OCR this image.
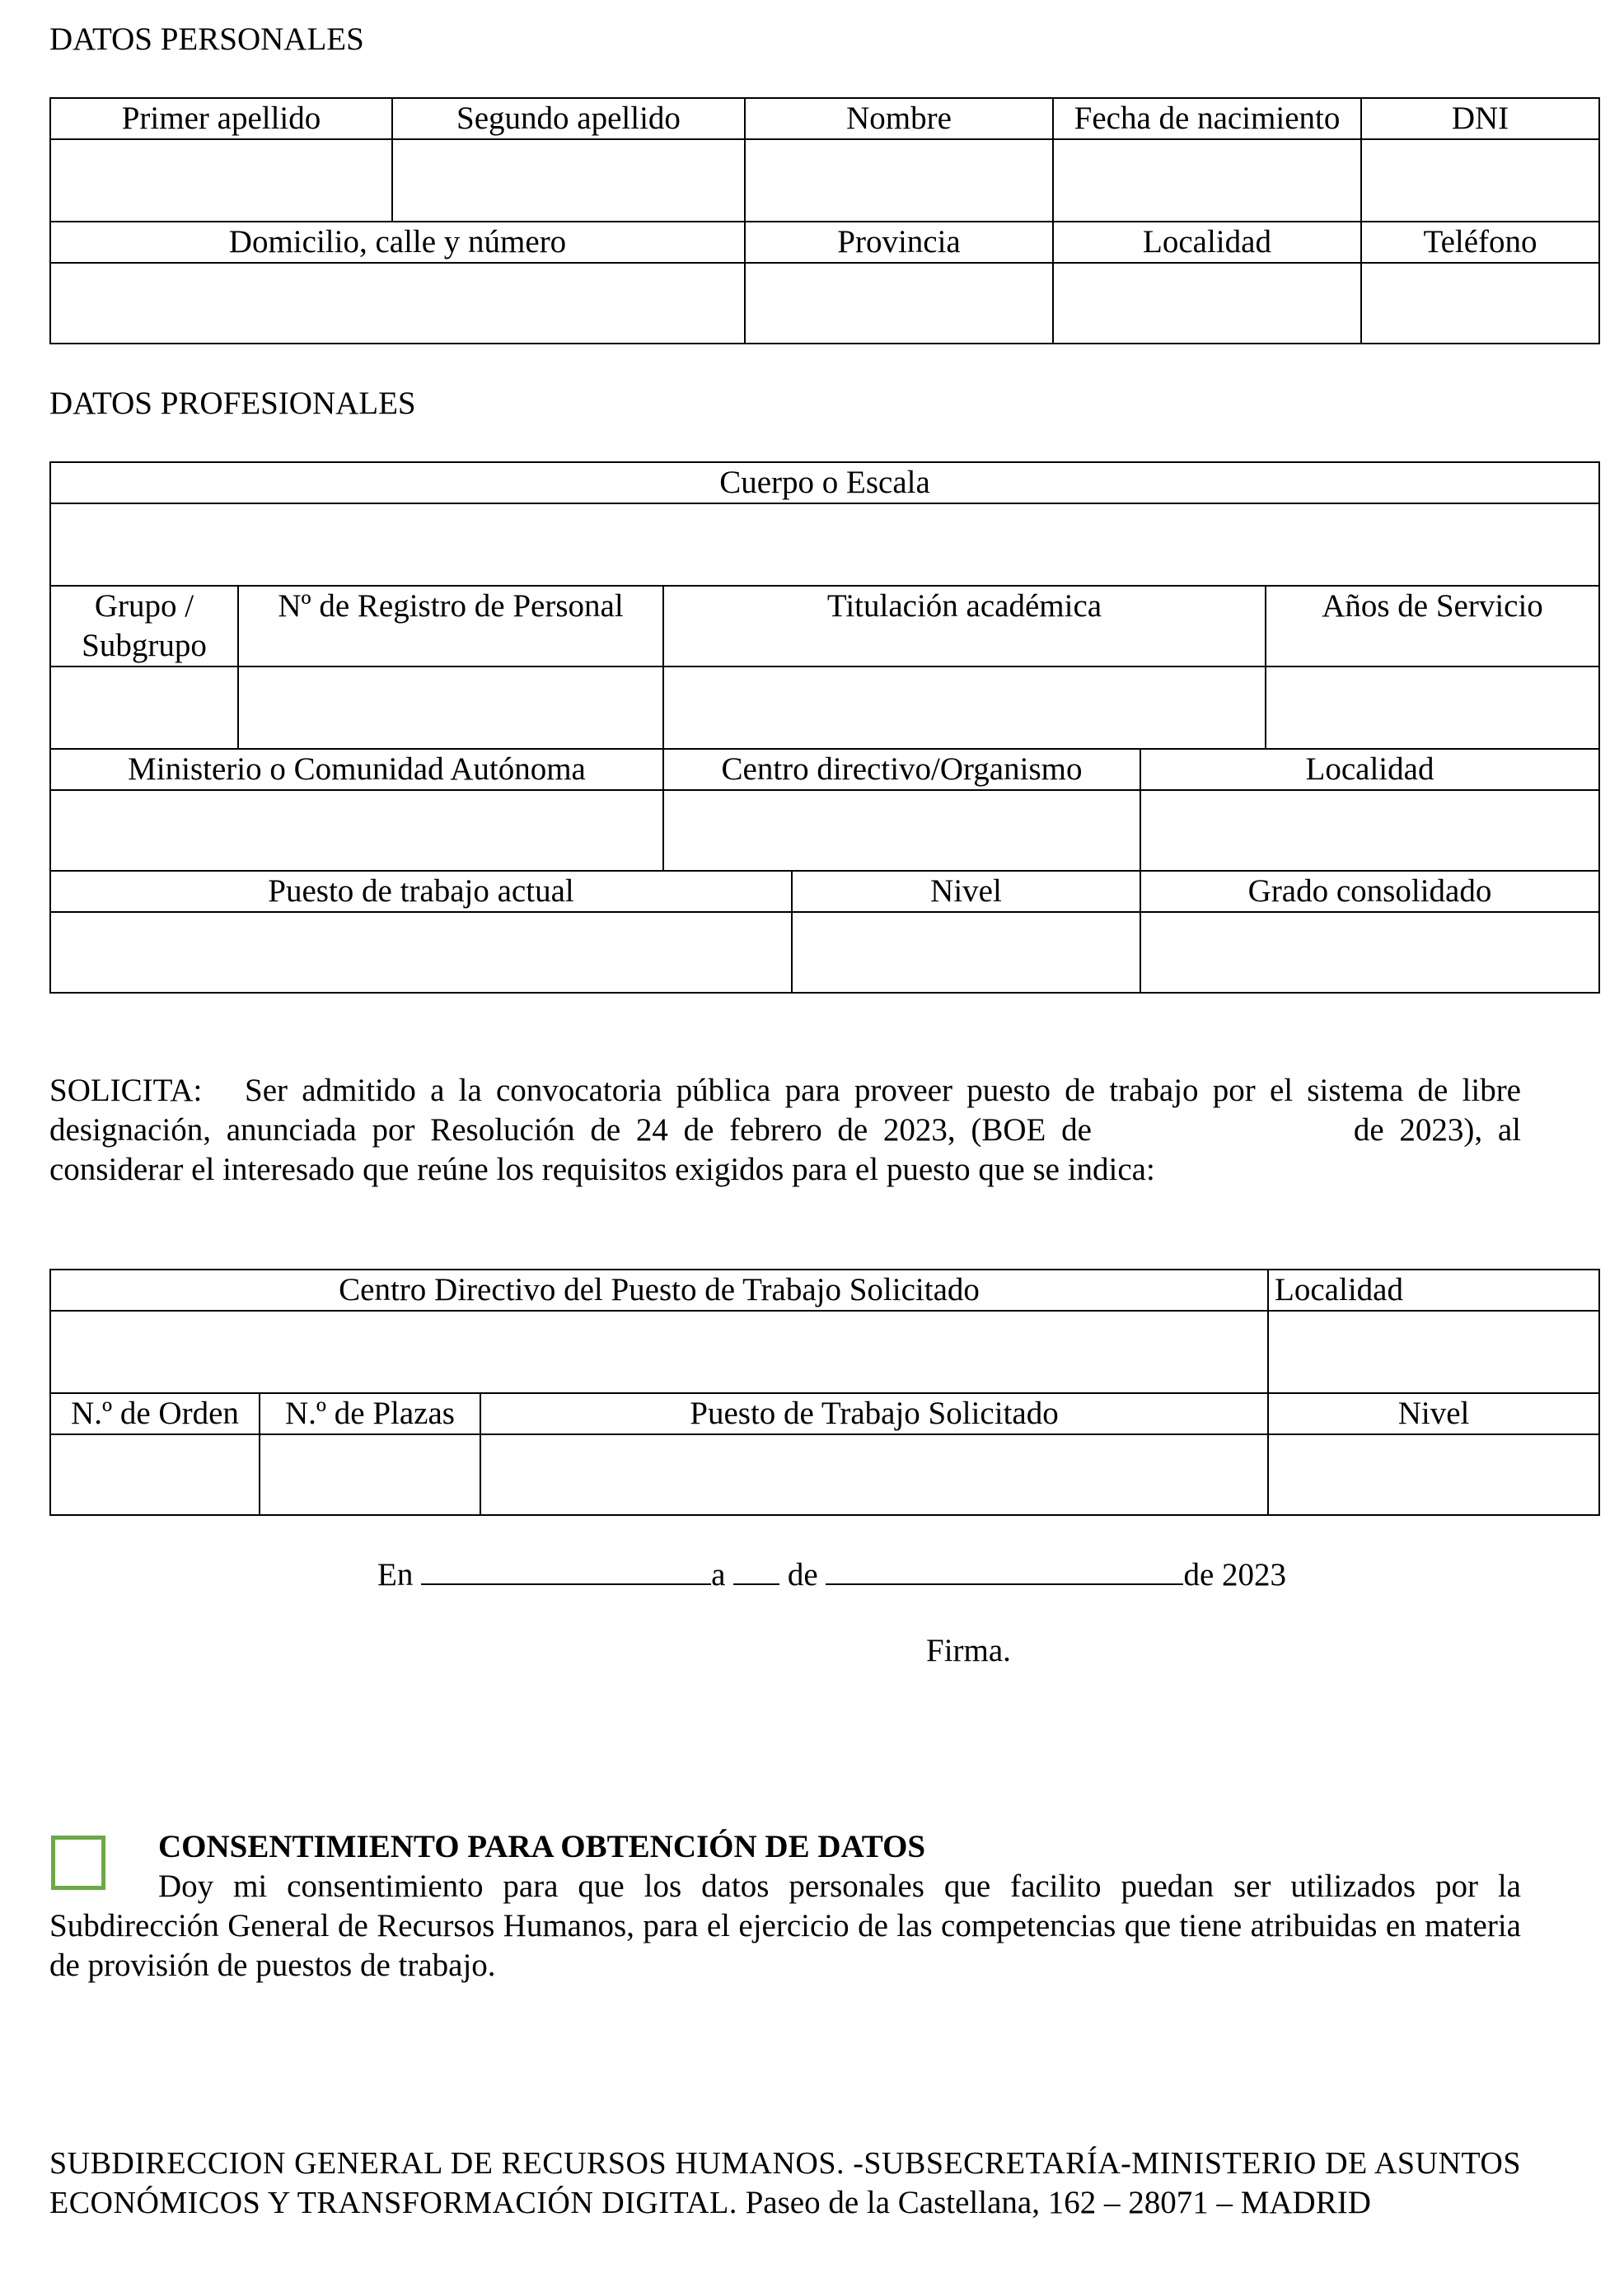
DATOS PERSONALES
Primer apellido	Segundo apellido	Nombre	Fecha de nacimiento	DNI

Domicilio, calle y número		Provincia	Localidad	Teléfono

DATOS PROFESIONALES
Cuerpo o Escala					

Grupo /
Subgrupo	Nº de Registro de Personal	Titulación académica			Años de Servicio

Ministerio o Comunidad Autónoma		Centro directivo/Organismo		Localidad	

Puesto de trabajo actual			Nivel	Grado consolidado	

SOLICITA: Ser admitido a la convocatoria pública para proveer puesto de trabajo por el sistema de libre designación, anunciada por Resolución de 24 de febrero de 2023, (BOE de	de 2023), al considerar el interesado que reúne los requisitos exigidos para el puesto que se indica:
Centro Directivo del Puesto de Trabajo Solicitado			Localidad

N.º de Orden	N.º de Plazas	Puesto de Trabajo Solicitado	Nivel

En	a de	de 2023
Firma.
CONSENTIMIENTO PARA OBTENCIÓN DE DATOS
Doy mi consentimiento para que los datos personales que facilito puedan ser utilizados por la Subdirección General de Recursos Humanos, para el ejercicio de las competencias que tiene atribuidas en materia de provisión de puestos de trabajo.
SUBDIRECCION GENERAL DE RECURSOS HUMANOS. -SUBSECRETARÍA-MINISTERIO DE ASUNTOS ECONÓMICOS Y TRANSFORMACIÓN DIGITAL. Paseo de la Castellana, 162 – 28071 – MADRID
